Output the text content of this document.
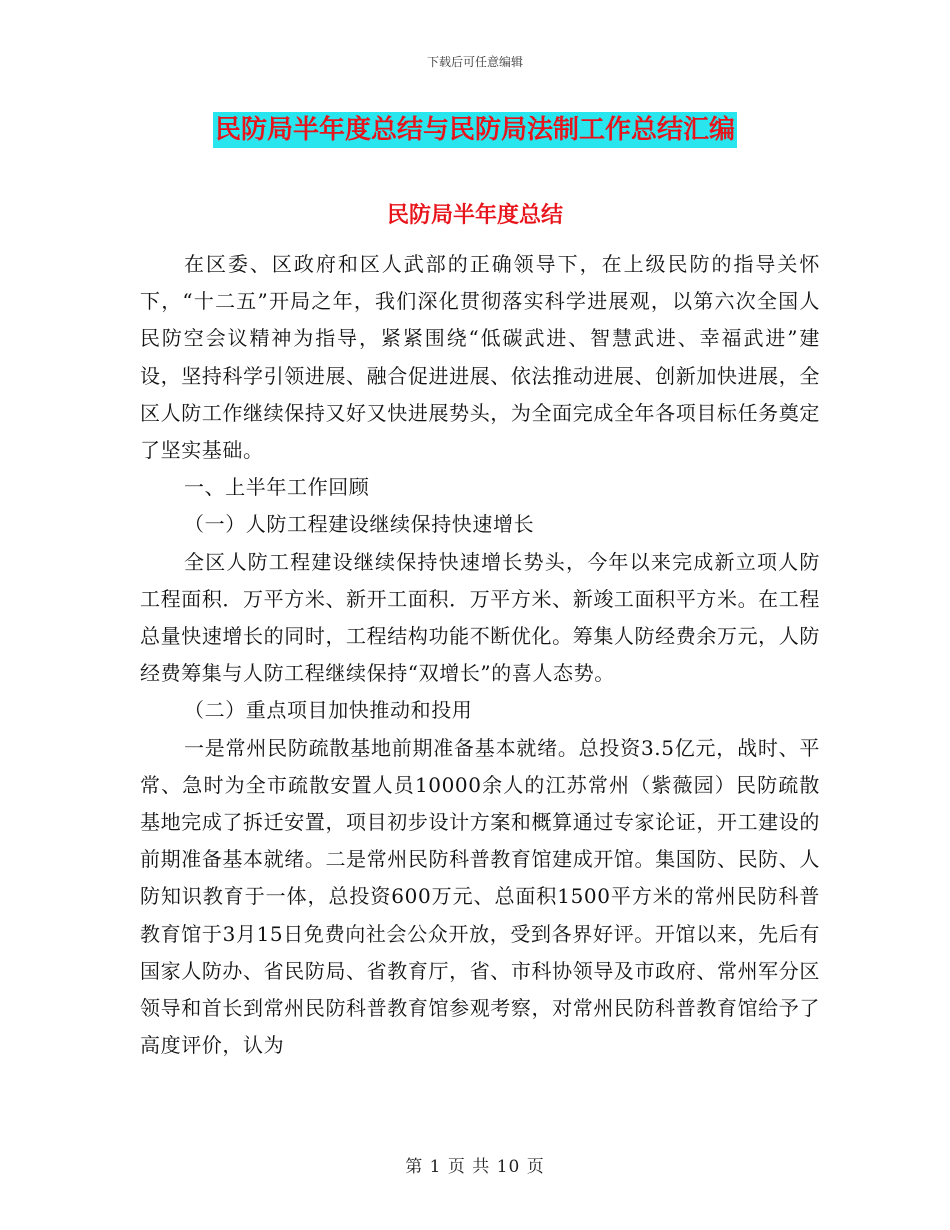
下载后可任意编辑
民防局半年度总结与民防局法制工作总结汇编
民防局半年度总结

在区委、区政府和区人武部的正确领导下，在上级民防的指导关怀下，“十二五”开局之年，我们深化贯彻落实科学进展观，以第六次全国人民防空会议精神为指导，紧紧围绕“低碳武进、智慧武进、幸福武进”建设，坚持科学引领进展、融合促进进展、依法推动进展、创新加快进展，全区人防工作继续保持又好又快进展势头，为全面完成全年各项目标任务奠定了坚实基础。

一、上半年工作回顾

（一）人防工程建设继续保持快速增长

全区人防工程建设继续保持快速增长势头，今年以来完成新立项人防工程面积．万平方米、新开工面积．万平方米、新竣工面积平方米。在工程总量快速增长的同时，工程结构功能不断优化。筹集人防经费余万元，人防经费筹集与人防工程继续保持“双增长”的喜人态势。

（二）重点项目加快推动和投用

一是常州民防疏散基地前期准备基本就绪。总投资3.5亿元，战时、平常、急时为全市疏散安置人员10000余人的江苏常州（紫薇园）民防疏散基地完成了拆迁安置，项目初步设计方案和概算通过专家论证，开工建设的前期准备基本就绪。二是常州民防科普教育馆建成开馆。集国防、民防、人防知识教育于一体，总投资600万元、总面积1500平方米的常州民防科普教育馆于3月15日免费向社会公众开放，受到各界好评。开馆以来，先后有国家人防办、省民防局、省教育厅，省、市科协领导及市政府、常州军分区领导和首长到常州民防科普教育馆参观考察，对常州民防科普教育馆给予了高度评价，认为

第 1 页 共 10 页
